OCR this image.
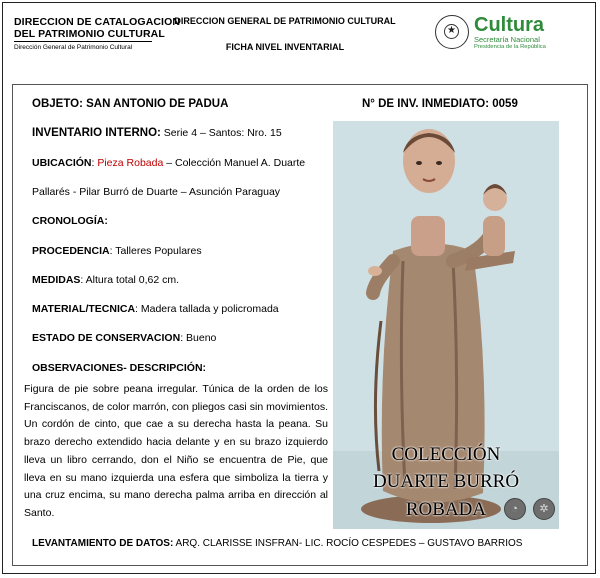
DIRECCION DE CATALOGACION
DEL PATRIMONIO CULTURAL
Dirección General de Patrimonio Cultural
DIRECCION GENERAL DE PATRIMONIO CULTURAL
FICHA NIVEL INVENTARIAL
★ Cultura
Secretaría Nacional
Presidencia de la República
OBJETO: SAN ANTONIO DE PADUA	N° DE INV. INMEDIATO: 0059
INVENTARIO INTERNO: Serie 4 – Santos: Nro. 15
UBICACIÓN: Pieza Robada – Colección Manuel A. Duarte
Pallarés - Pilar Burró de Duarte – Asunción Paraguay
CRONOLOGÍA:
PROCEDENCIA: Talleres Populares
MEDIDAS: Altura total 0,62 cm.
MATERIAL/TECNICA: Madera tallada y policromada
ESTADO DE CONSERVACION: Bueno
OBSERVACIONES- DESCRIPCIÓN:
Figura de pie sobre peana irregular. Túnica de la orden de los Franciscanos, de color marrón, con pliegos casi sin movimientos. Un cordón de cinto, que cae a su derecha hasta la peana. Su brazo derecho extendido hacia delante y en su brazo izquierdo lleva un libro cerrando, don el Niño se encuentra de Pie, que lleva en su mano izquierda una esfera que simboliza la tierra y una cruz encima, su mano derecha palma arriba en dirección al Santo.
COLECCIÓN
DUARTE BURRÓ
ROBADA	◔
	✲
LEVANTAMIENTO DE DATOS: ARQ. CLARISSE INSFRAN- LIC. ROCÍO CESPEDES – GUSTAVO BARRIOS
